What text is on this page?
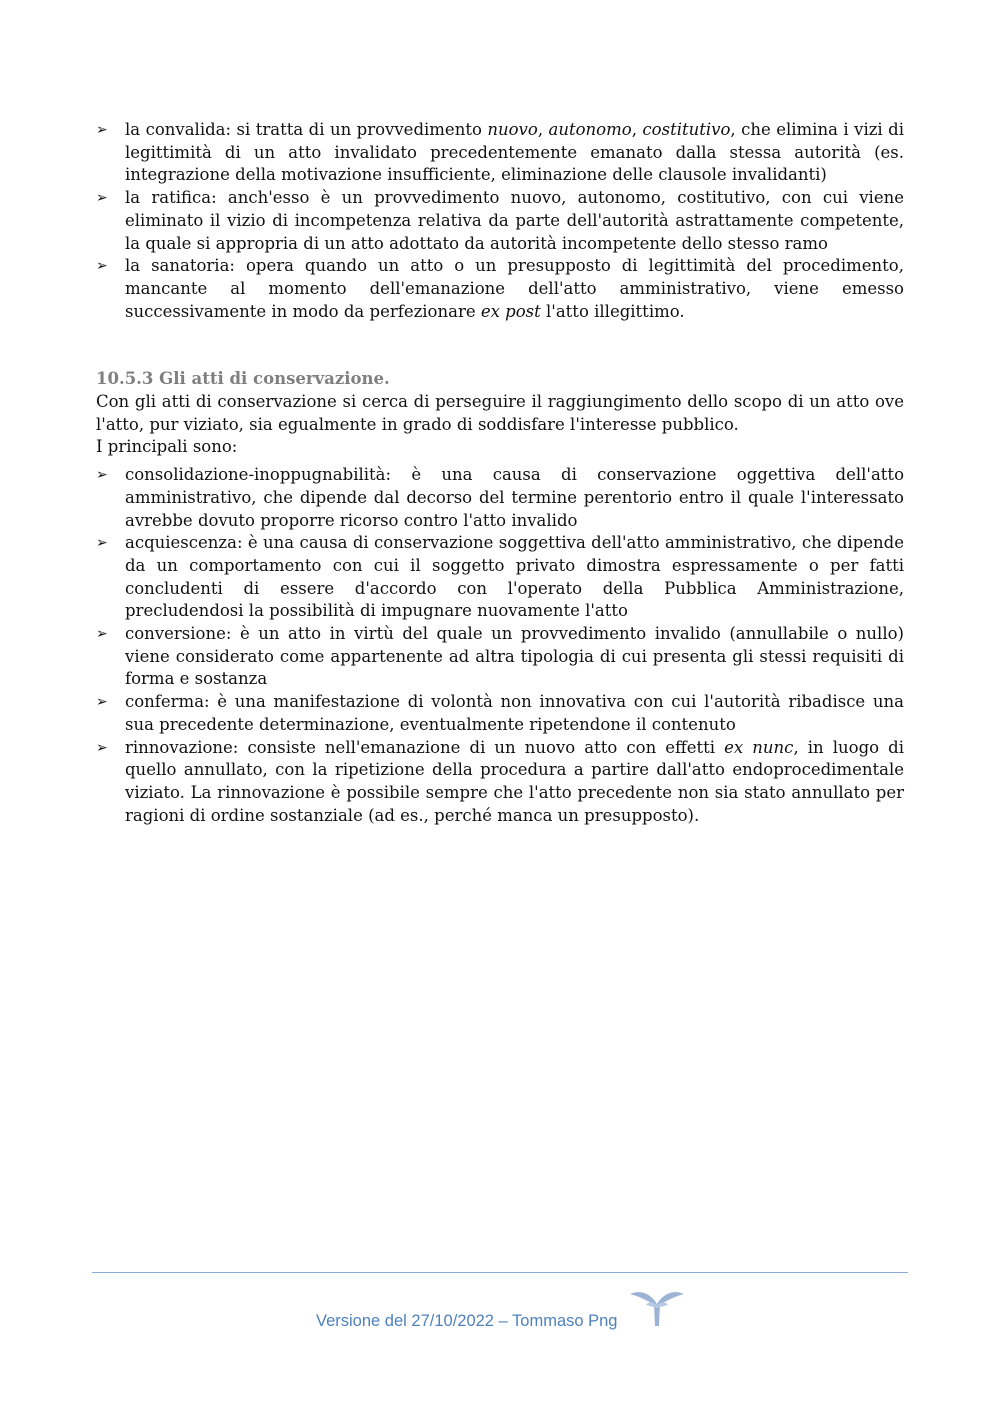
➢ la convalida: si tratta di un provvedimento nuovo, autonomo, costitutivo, che elimina i vizi di legittimità di un atto invalidato precedentemente emanato dalla stessa autorità (es. integrazione della motivazione insufficiente, eliminazione delle clausole invalidanti)
➢ la ratifica: anch'esso è un provvedimento nuovo, autonomo, costitutivo, con cui viene eliminato il vizio di incompetenza relativa da parte dell'autorità astrattamente competente, la quale si appropria di un atto adottato da autorità incompetente dello stesso ramo
➢ la sanatoria: opera quando un atto o un presupposto di legittimità del procedimento, mancante al momento dell'emanazione dell'atto amministrativo, viene emesso successivamente in modo da perfezionare ex post l'atto illegittimo.
10.5.3 Gli atti di conservazione.

Con gli atti di conservazione si cerca di perseguire il raggiungimento dello scopo di un atto ove l'atto, pur viziato, sia egualmente in grado di soddisfare l'interesse pubblico.

I principali sono:

➢ consolidazione-inoppugnabilità: è una causa di conservazione oggettiva dell'atto amministrativo, che dipende dal decorso del termine perentorio entro il quale l'interessato avrebbe dovuto proporre ricorso contro l'atto invalido
➢ acquiescenza: è una causa di conservazione soggettiva dell'atto amministrativo, che dipende da un comportamento con cui il soggetto privato dimostra espressamente o per fatti concludenti di essere d'accordo con l'operato della Pubblica Amministrazione, precludendosi la possibilità di impugnare nuovamente l'atto
➢ conversione: è un atto in virtù del quale un provvedimento invalido (annullabile o nullo) viene considerato come appartenente ad altra tipologia di cui presenta gli stessi requisiti di forma e sostanza
➢ conferma: è una manifestazione di volontà non innovativa con cui l'autorità ribadisce una sua precedente determinazione, eventualmente ripetendone il contenuto
➢ rinnovazione: consiste nell'emanazione di un nuovo atto con effetti ex nunc, in luogo di quello annullato, con la ripetizione della procedura a partire dall'atto endoprocedimentale viziato. La rinnovazione è possibile sempre che l'atto precedente non sia stato annullato per ragioni di ordine sostanziale (ad es., perché manca un presupposto).
Versione del 27/10/2022 – Tommaso Png
